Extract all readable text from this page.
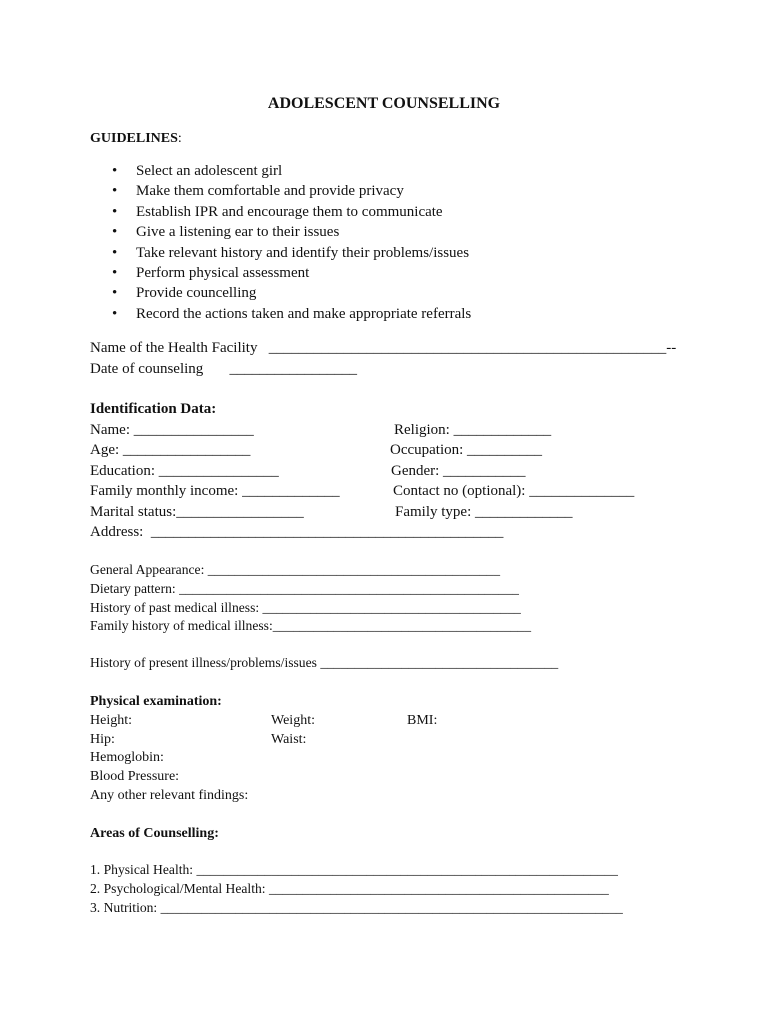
ADOLESCENT COUNSELLING
GUIDELINES:
• Select an adolescent girl
• Make them comfortable and provide privacy
• Establish IPR and encourage them to communicate
• Give a listening ear to their issues
• Take relevant history and identify their problems/issues
• Perform physical assessment
• Provide councelling
• Record the actions taken and make appropriate referrals
Name of the Health Facility   _____________________________________________________--
Date of counseling       _________________
Identification Data:
Name: ________________	Religion: _____________
Age: _________________	Occupation: __________
Education: ________________	Gender: ___________
Family monthly income: _____________	Contact no (optional): ______________
Marital status:_________________	Family type: _____________
Address:  _______________________________________________
General Appearance: ___________________________________________
Dietary pattern: __________________________________________________
History of past medical illness: ______________________________________
Family history of medical illness:______________________________________
History of present illness/problems/issues ___________________________________
Physical examination:
Height:	Weight:	BMI:
Hip:	Waist:
Hemoglobin:
Blood Pressure:
Any other relevant findings:
Areas of Counselling:
1. Physical Health: ______________________________________________________________
2. Psychological/Mental Health: __________________________________________________
3. Nutrition: ____________________________________________________________________
